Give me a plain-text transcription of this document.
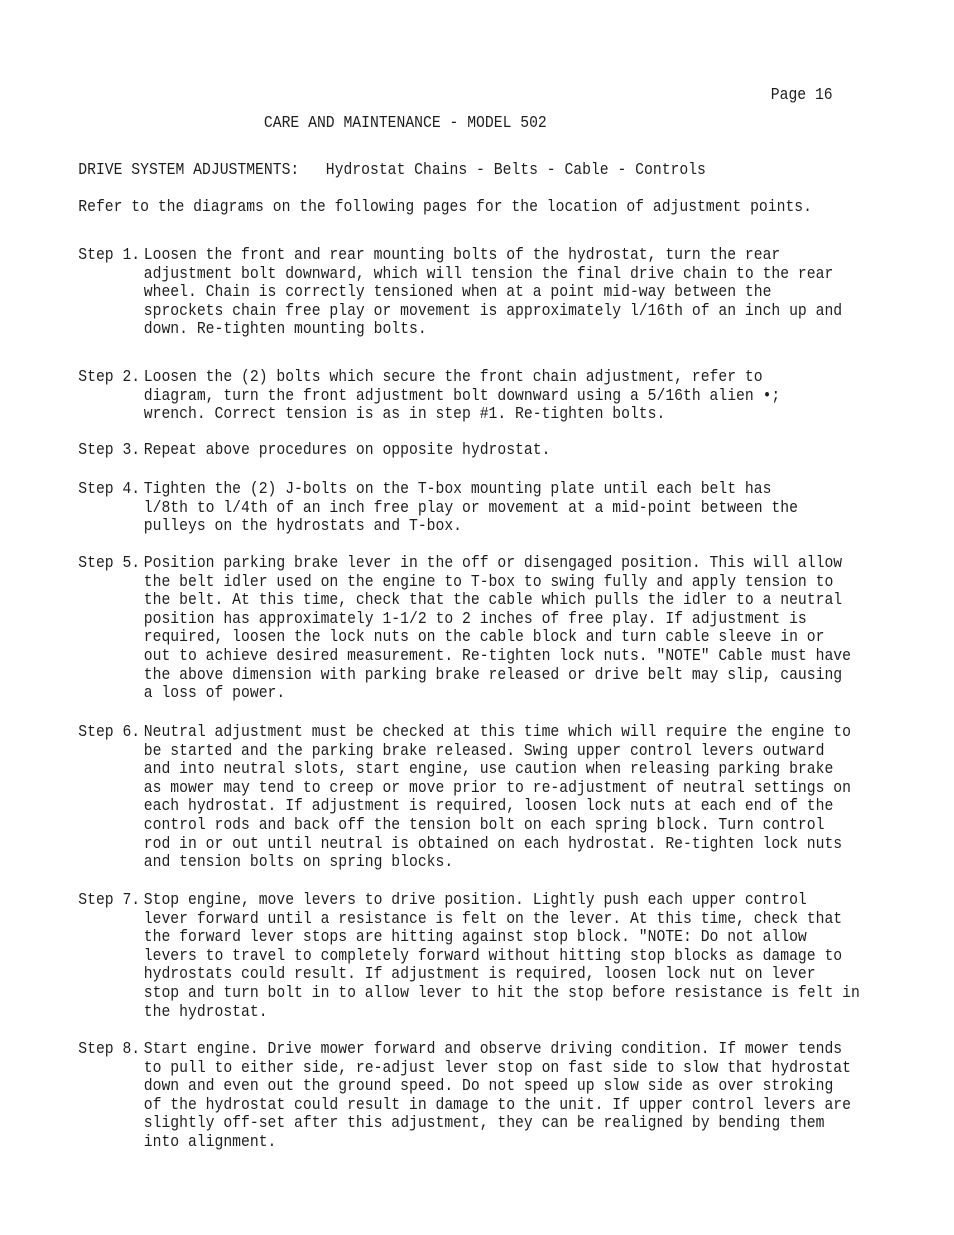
Page 16
CARE AND MAINTENANCE - MODEL 502
DRIVE SYSTEM ADJUSTMENTS:   Hydrostat Chains - Belts - Cable - Controls
Refer to the diagrams on the following pages for the location of adjustment points.
Step 1. Loosen the front and rear mounting bolts of the hydrostat, turn the rear
adjustment bolt downward, which will tension the final drive chain to the rear
wheel. Chain is correctly tensioned when at a point mid-way between the
sprockets chain free play or movement is approximately l/16th of an inch up and
down. Re-tighten mounting bolts.
Step 2. Loosen the (2) bolts which secure the front chain adjustment, refer to
diagram, turn the front adjustment bolt downward using a 5/16th alien •;
wrench. Correct tension is as in step #1. Re-tighten bolts.
Step 3. Repeat above procedures on opposite hydrostat.
Step 4. Tighten the (2) J-bolts on the T-box mounting plate until each belt has
l/8th to l/4th of an inch free play or movement at a mid-point between the
pulleys on the hydrostats and T-box.
Step 5. Position parking brake lever in the off or disengaged position. This will allow
the belt idler used on the engine to T-box to swing fully and apply tension to
the belt. At this time, check that the cable which pulls the idler to a neutral
position has approximately 1-1/2 to 2 inches of free play. If adjustment is
required, loosen the lock nuts on the cable block and turn cable sleeve in or
out to achieve desired measurement. Re-tighten lock nuts. "NOTE" Cable must have
the above dimension with parking brake released or drive belt may slip, causing
a loss of power.
Step 6. Neutral adjustment must be checked at this time which will require the engine to
be started and the parking brake released. Swing upper control levers outward
and into neutral slots, start engine, use caution when releasing parking brake
as mower may tend to creep or move prior to re-adjustment of neutral settings on
each hydrostat. If adjustment is required, loosen lock nuts at each end of the
control rods and back off the tension bolt on each spring block. Turn control
rod in or out until neutral is obtained on each hydrostat. Re-tighten lock nuts
and tension bolts on spring blocks.
Step 7. Stop engine, move levers to drive position. Lightly push each upper control
lever forward until a resistance is felt on the lever. At this time, check that
the forward lever stops are hitting against stop block. "NOTE: Do not allow
levers to travel to completely forward without hitting stop blocks as damage to
hydrostats could result. If adjustment is required, loosen lock nut on lever
stop and turn bolt in to allow lever to hit the stop before resistance is felt in
the hydrostat.
Step 8. Start engine. Drive mower forward and observe driving condition. If mower tends
to pull to either side, re-adjust lever stop on fast side to slow that hydrostat
down and even out the ground speed. Do not speed up slow side as over stroking
of the hydrostat could result in damage to the unit. If upper control levers are
slightly off-set after this adjustment, they can be realigned by bending them
into alignment.
